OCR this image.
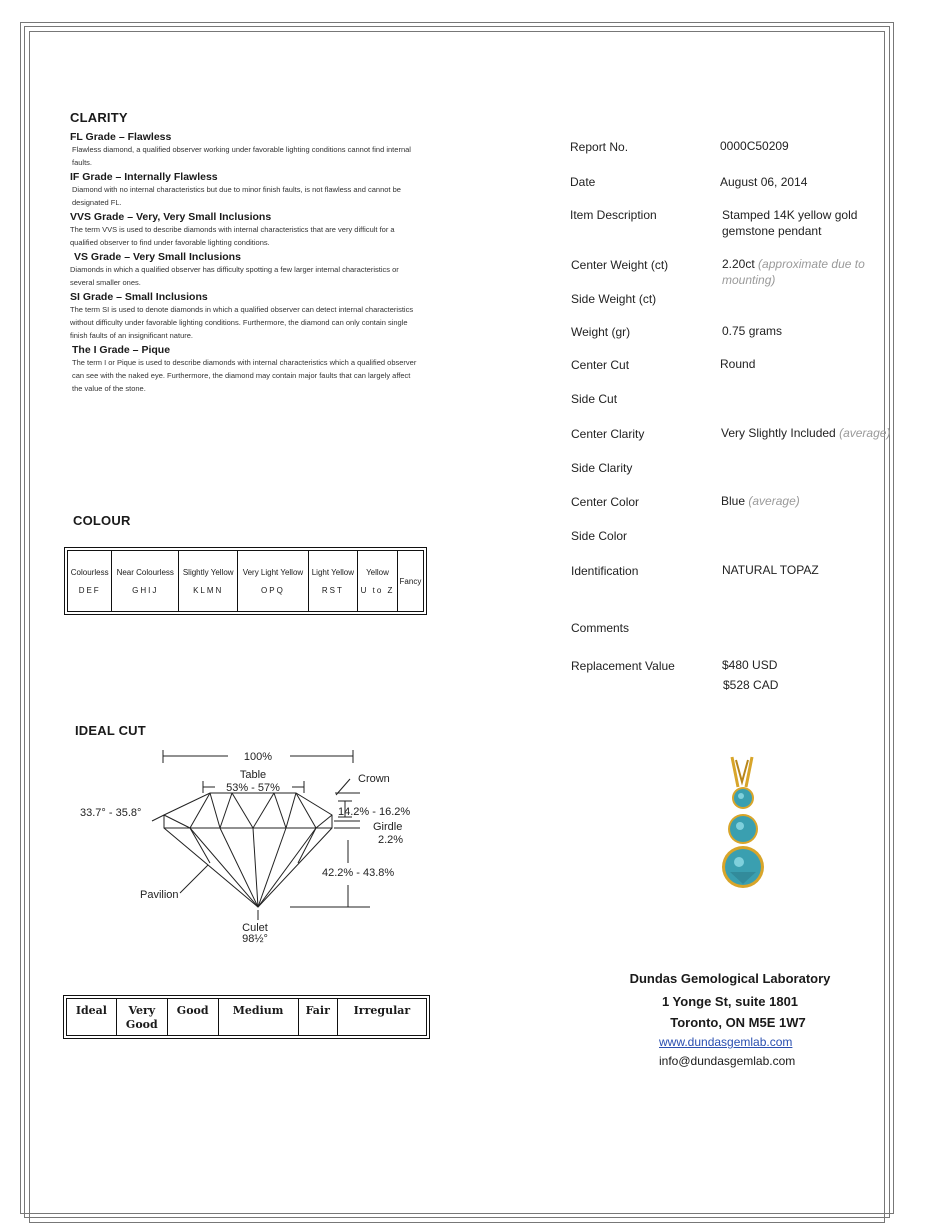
CLARITY
FL Grade – Flawless
Flawless diamond, a qualified observer working under favorable lighting conditions cannot find internal faults.
IF Grade – Internally Flawless
Diamond with no internal characteristics but due to minor finish faults, is not flawless and cannot be designated FL.
VVS Grade – Very, Very Small Inclusions
The term VVS is used to describe diamonds with internal characteristics that are very difficult for a qualified observer to find under favorable lighting conditions.
VS Grade – Very Small Inclusions
Diamonds in which a qualified observer has difficulty spotting a few larger internal characteristics or several smaller ones.
SI Grade – Small Inclusions
The term SI is used to denote diamonds in which a qualified observer can detect internal characteristics without difficulty under favorable lighting conditions. Furthermore, the diamond can only contain single finish faults of an insignificant nature.
The I Grade – Pique
The term I or Pique is used to describe diamonds with internal characteristics which a qualified observer can see with the naked eye. Furthermore, the diamond may contain major faults that can largely affect the value of the stone.
COLOUR
Colourless
DEF

Near Colourless
GHIJ

Slightly Yellow
KLMN

Very Light Yellow
OPQ

Light Yellow
RST

Yellow
U to Z

Fancy
IDEAL CUT
100%
Table
53% - 57%
Crown
33.7° - 35.8°	14.2% - 16.2%
Girdle
2.2%
42.2% - 43.8%
Pavilion
Culet
98½°
Ideal	Very Good	Good	Medium	Fair	Irregular
Report No.	0000C50209
Date	August 06, 2014
Item Description	Stamped 14K yellow gold gemstone pendant
Center Weight (ct)	2.20ct (approximate due to mounting)
Side Weight (ct)
Weight (gr)	0.75 grams
Center Cut	Round
Side Cut
Center Clarity	Very Slightly Included (average)
Side Clarity
Center Color	Blue (average)
Side Color
Identification	NATURAL TOPAZ
Comments
Replacement Value	$480 USD
$528 CAD
Dundas Gemological Laboratory
1 Yonge St, suite 1801
Toronto, ON M5E 1W7
www.dundasgemlab.com
info@dundasgemlab.com
